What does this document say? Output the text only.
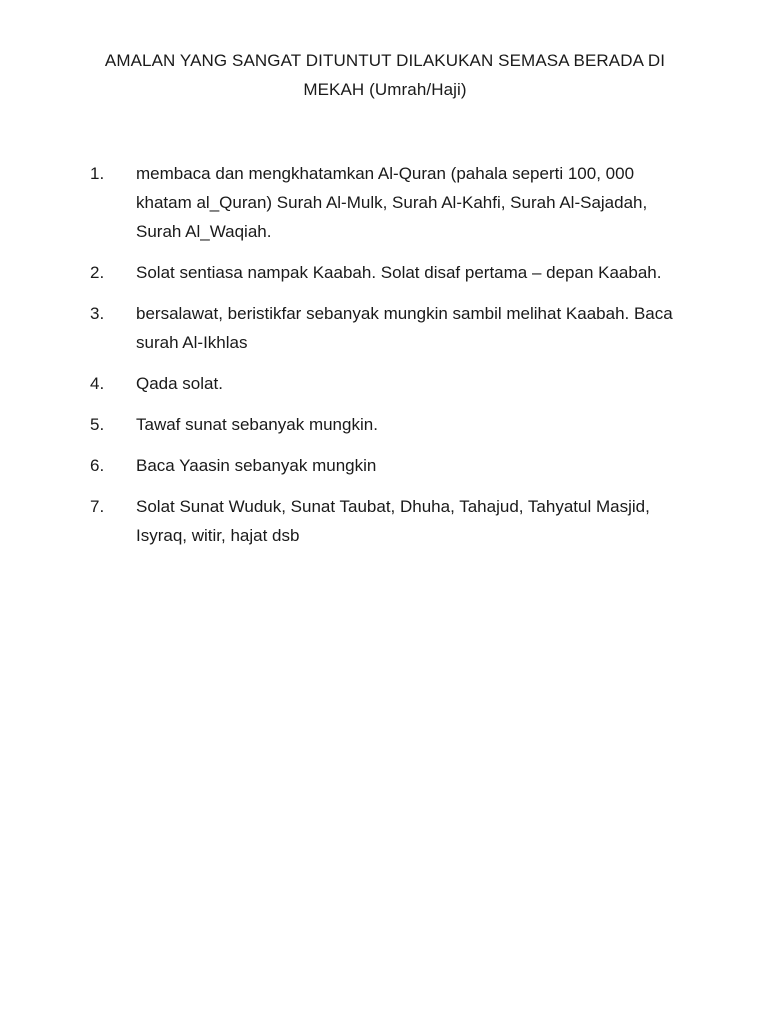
AMALAN YANG SANGAT DITUNTUT DILAKUKAN SEMASA BERADA DI MEKAH (Umrah/Haji)
1.	membaca dan mengkhatamkan Al-Quran (pahala seperti 100, 000 khatam al_Quran) Surah Al-Mulk, Surah Al-Kahfi, Surah Al-Sajadah, Surah Al_Waqiah.
2.	Solat sentiasa nampak Kaabah. Solat disaf pertama – depan Kaabah.
3.	bersalawat, beristikfar sebanyak mungkin sambil melihat Kaabah. Baca surah Al-Ikhlas
4.	Qada solat.
5.	Tawaf sunat sebanyak mungkin.
6.	Baca Yaasin sebanyak mungkin
7.	Solat Sunat Wuduk, Sunat Taubat, Dhuha, Tahajud, Tahyatul Masjid, Isyraq, witir, hajat dsb
